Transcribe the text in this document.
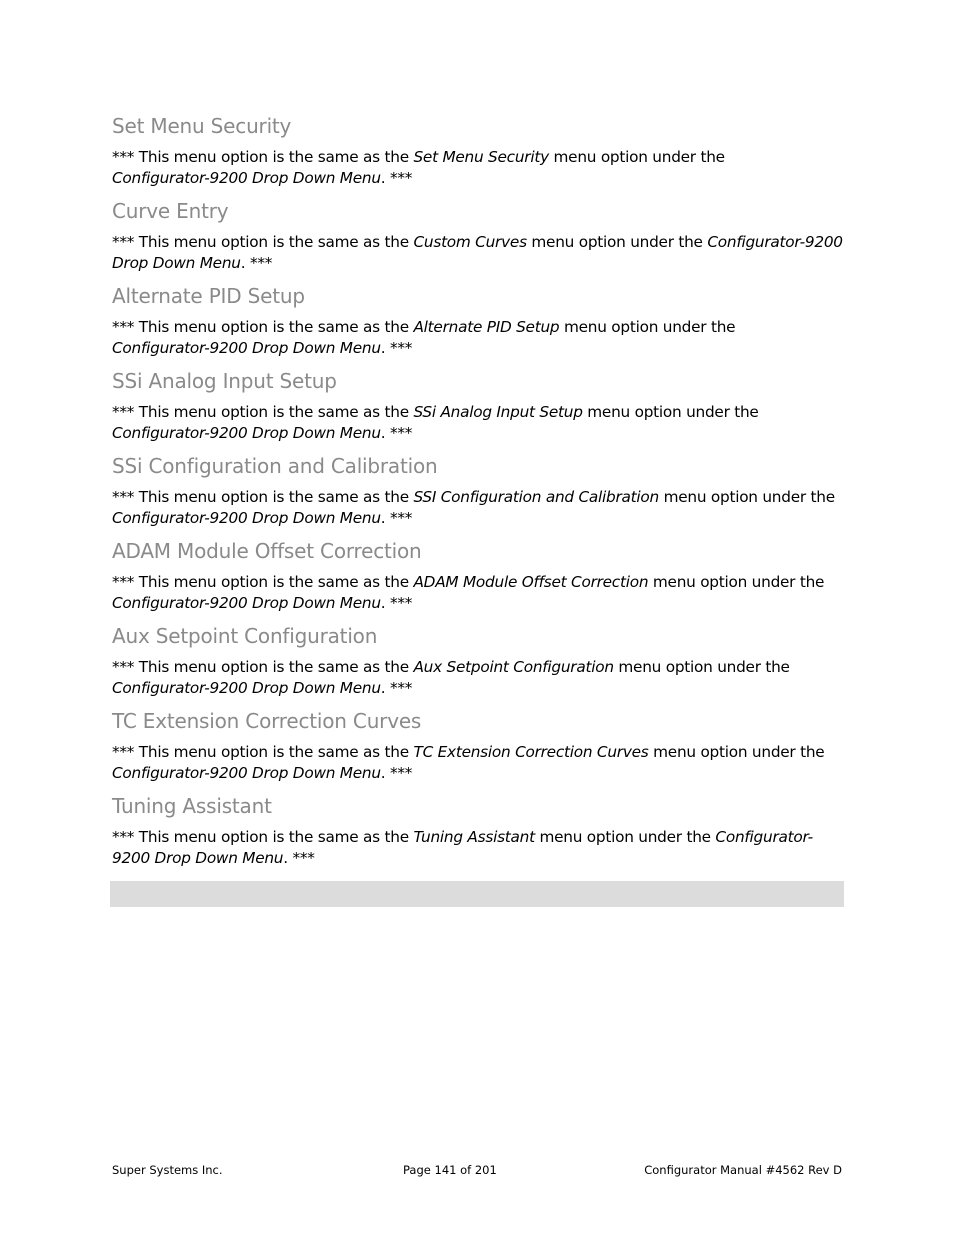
Set Menu Security

*** This menu option is the same as the Set Menu Security menu option under the
Configurator-9200 Drop Down Menu. ***

Curve Entry

*** This menu option is the same as the Custom Curves menu option under the Configurator-9200 Drop Down Menu. ***

Alternate PID Setup

*** This menu option is the same as the Alternate PID Setup menu option under the
Configurator-9200 Drop Down Menu. ***

SSi Analog Input Setup

*** This menu option is the same as the SSi Analog Input Setup menu option under the
Configurator-9200 Drop Down Menu. ***

SSi Configuration and Calibration

*** This menu option is the same as the SSI Configuration and Calibration menu option under the Configurator-9200 Drop Down Menu. ***

ADAM Module Offset Correction

*** This menu option is the same as the ADAM Module Offset Correction menu option under the Configurator-9200 Drop Down Menu. ***

Aux Setpoint Configuration

*** This menu option is the same as the Aux Setpoint Configuration menu option under the
Configurator-9200 Drop Down Menu. ***

TC Extension Correction Curves

*** This menu option is the same as the TC Extension Correction Curves menu option under the Configurator-9200 Drop Down Menu. ***

Tuning Assistant

*** This menu option is the same as the Tuning Assistant menu option under the Configurator-9200 Drop Down Menu. ***

Super Systems Inc.	Page 141 of 201	Configurator Manual #4562 Rev D
